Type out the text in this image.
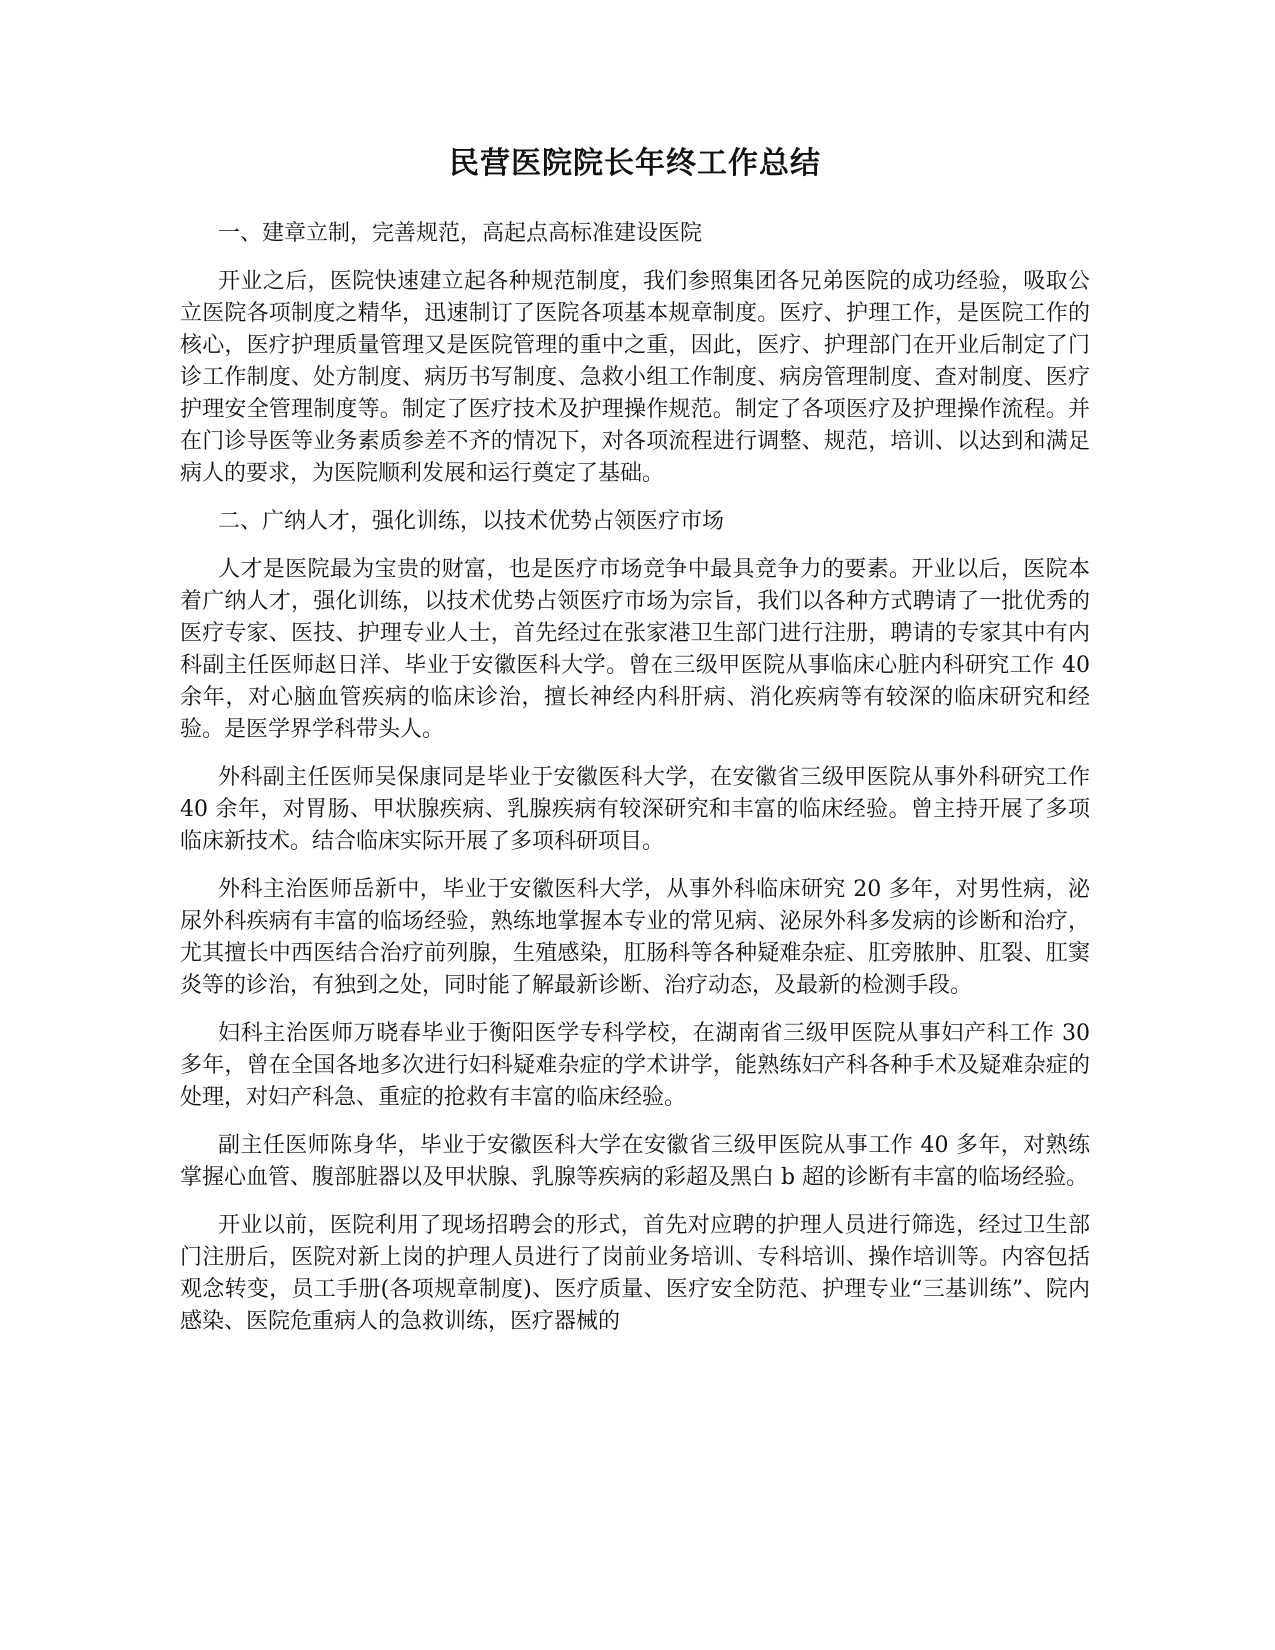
民营医院院长年终工作总结

一、建章立制，完善规范，高起点高标准建设医院

开业之后，医院快速建立起各种规范制度，我们参照集团各兄弟医院的成功经验，吸取公立医院各项制度之精华，迅速制订了医院各项基本规章制度。医疗、护理工作，是医院工作的核心，医疗护理质量管理又是医院管理的重中之重，因此，医疗、护理部门在开业后制定了门诊工作制度、处方制度、病历书写制度、急救小组工作制度、病房管理制度、查对制度、医疗护理安全管理制度等。制定了医疗技术及护理操作规范。制定了各项医疗及护理操作流程。并在门诊导医等业务素质参差不齐的情况下，对各项流程进行调整、规范，培训、以达到和满足病人的要求，为医院顺利发展和运行奠定了基础。

二、广纳人才，强化训练，以技术优势占领医疗市场

人才是医院最为宝贵的财富，也是医疗市场竞争中最具竞争力的要素。开业以后，医院本着广纳人才，强化训练，以技术优势占领医疗市场为宗旨，我们以各种方式聘请了一批优秀的医疗专家、医技、护理专业人士，首先经过在张家港卫生部门进行注册，聘请的专家其中有内科副主任医师赵日洋、毕业于安徽医科大学。曾在三级甲医院从事临床心脏内科研究工作 40 余年，对心脑血管疾病的临床诊治，擅长神经内科肝病、消化疾病等有较深的临床研究和经验。是医学界学科带头人。

外科副主任医师吴保康同是毕业于安徽医科大学，在安徽省三级甲医院从事外科研究工作 40 余年，对胃肠、甲状腺疾病、乳腺疾病有较深研究和丰富的临床经验。曾主持开展了多项临床新技术。结合临床实际开展了多项科研项目。

外科主治医师岳新中，毕业于安徽医科大学，从事外科临床研究 20 多年，对男性病，泌尿外科疾病有丰富的临场经验，熟练地掌握本专业的常见病、泌尿外科多发病的诊断和治疗，尤其擅长中西医结合治疗前列腺，生殖感染，肛肠科等各种疑难杂症、肛旁脓肿、肛裂、肛窦炎等的诊治，有独到之处，同时能了解最新诊断、治疗动态，及最新的检测手段。

妇科主治医师万晓春毕业于衡阳医学专科学校，在湖南省三级甲医院从事妇产科工作 30 多年，曾在全国各地多次进行妇科疑难杂症的学术讲学，能熟练妇产科各种手术及疑难杂症的处理，对妇产科急、重症的抢救有丰富的临床经验。

副主任医师陈身华，毕业于安徽医科大学在安徽省三级甲医院从事工作 40 多年，对熟练掌握心血管、腹部脏器以及甲状腺、乳腺等疾病的彩超及黑白 b 超的诊断有丰富的临场经验。

开业以前，医院利用了现场招聘会的形式，首先对应聘的护理人员进行筛选，经过卫生部门注册后，医院对新上岗的护理人员进行了岗前业务培训、专科培训、操作培训等。内容包括观念转变，员工手册(各项规章制度)、医疗质量、医疗安全防范、护理专业“三基训练”、院内感染、医院危重病人的急救训练，医疗器械的
